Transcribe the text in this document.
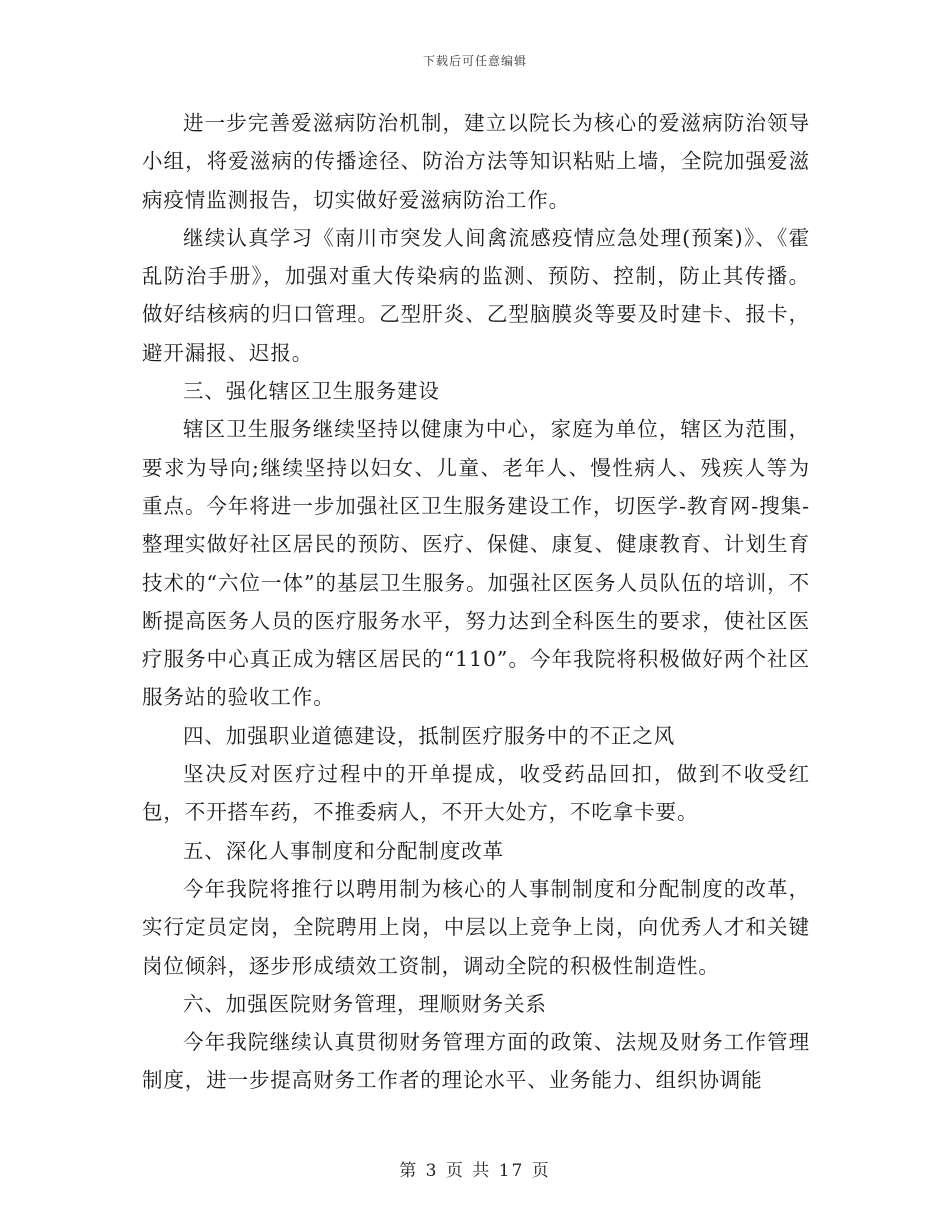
下载后可任意编辑

进一步完善爱滋病防治机制，建立以院长为核心的爱滋病防治领导小组，将爱滋病的传播途径、防治方法等知识粘贴上墙，全院加强爱滋病疫情监测报告，切实做好爱滋病防治工作。

继续认真学习《南川市突发人间禽流感疫情应急处理(预案)》、《霍乱防治手册》，加强对重大传染病的监测、预防、控制，防止其传播。做好结核病的归口管理。乙型肝炎、乙型脑膜炎等要及时建卡、报卡，避开漏报、迟报。

三、强化辖区卫生服务建设

辖区卫生服务继续坚持以健康为中心，家庭为单位，辖区为范围，要求为导向;继续坚持以妇女、儿童、老年人、慢性病人、残疾人等为重点。今年将进一步加强社区卫生服务建设工作，切医学-教育网-搜集-整理实做好社区居民的预防、医疗、保健、康复、健康教育、计划生育技术的“六位一体”的基层卫生服务。加强社区医务人员队伍的培训，不断提高医务人员的医疗服务水平，努力达到全科医生的要求，使社区医疗服务中心真正成为辖区居民的“110”。今年我院将积极做好两个社区服务站的验收工作。

四、加强职业道德建设，抵制医疗服务中的不正之风

坚决反对医疗过程中的开单提成，收受药品回扣，做到不收受红包，不开搭车药，不推委病人，不开大处方，不吃拿卡要。

五、深化人事制度和分配制度改革

今年我院将推行以聘用制为核心的人事制制度和分配制度的改革，实行定员定岗，全院聘用上岗，中层以上竞争上岗，向优秀人才和关键岗位倾斜，逐步形成绩效工资制，调动全院的积极性制造性。

六、加强医院财务管理，理顺财务关系

今年我院继续认真贯彻财务管理方面的政策、法规及财务工作管理制度，进一步提高财务工作者的理论水平、业务能力、组织协调能

第 3 页 共 17 页
